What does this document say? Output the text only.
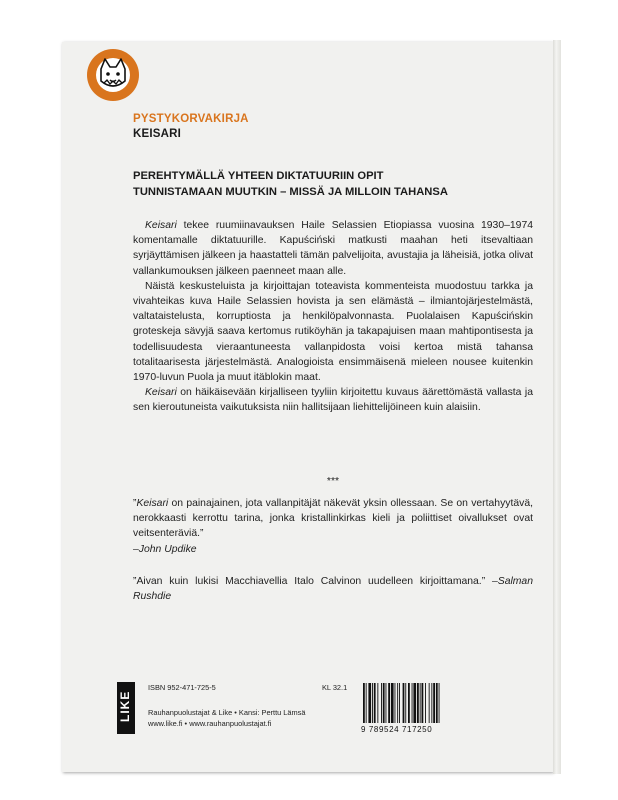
PYSTYKORVAKIRJA
KEISARI
PEREHTYMÄLLÄ YHTEEN DIKTATUURIIN OPIT
TUNNISTAMAAN MUUTKIN – MISSÄ JA MILLOIN TAHANSA

Keisari tekee ruumiinavauksen Haile Selassien Etiopiassa vuosina 1930–1974 komentamalle diktatuurille. Kapuściński matkusti maahan heti itsevaltiaan syrjäyttämisen jälkeen ja haastatteli tämän palvelijoita, avustajia ja läheisiä, jotka olivat vallankumouksen jälkeen paenneet maan alle.

Näistä keskusteluista ja kirjoittajan toteavista kommenteista muodostuu tarkka ja vivahteikas kuva Haile Selassien hovista ja sen elämästä – ilmiantojärjestelmästä, valtataistelusta, korruptiosta ja henkilöpalvonnasta. Puolalaisen Kapuścińskin groteskeja sävyjä saava kertomus rutiköyhän ja takapajuisen maan mahtipontisesta ja todellisuudesta vieraantuneesta vallanpidosta voisi kertoa mistä tahansa totalitaarisesta järjestelmästä. Analogioista ensimmäisenä mieleen nousee kuitenkin 1970-luvun Puola ja muut itäblokin maat.

Keisari on häikäisevään kirjalliseen tyyliin kirjoitettu kuvaus äärettömästä vallasta ja sen kieroutuneista vaikutuksista niin hallitsijaan liehittelijöineen kuin alaisiin.

***
”Keisari on painajainen, jota vallanpitäjät näkevät yksin ollessaan. Se on vertahyytävä, nerokkaasti kerrottu tarina, jonka kristallinkirkas kieli ja poliittiset oivallukset ovat veitsenteräviä.”
–John Updike
”Aivan kuin lukisi Macchiavellia Italo Calvinon uudelleen kirjoittamana.” –Salman Rushdie
LIKE
ISBN 952-471-725-5	KL 32.1
Rauhanpuolustajat & Like • Kansi: Perttu Lämsä
www.like.fi • www.rauhanpuolustajat.fi
9 789524 717250
